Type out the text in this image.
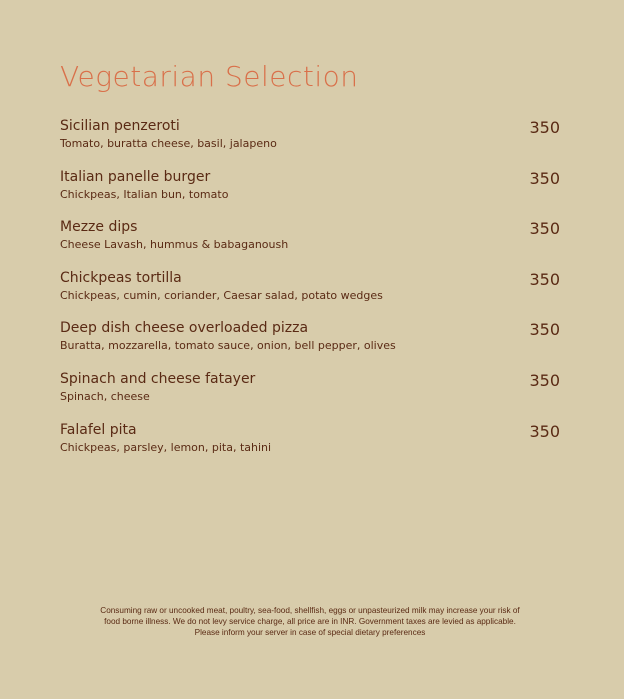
Vegetarian Selection
Sicilian penzeroti
Tomato, buratta cheese, basil, jalapeno
350
Italian panelle burger
Chickpeas, Italian bun, tomato
350
Mezze dips
Cheese Lavash, hummus & babaganoush
350
Chickpeas tortilla
Chickpeas, cumin, coriander, Caesar salad, potato wedges
350
Deep dish cheese overloaded pizza
Buratta, mozzarella, tomato sauce, onion, bell pepper, olives
350
Spinach and cheese fatayer
Spinach, cheese
350
Falafel pita
Chickpeas, parsley, lemon, pita, tahini
350
Consuming raw or uncooked meat, poultry, sea-food, shellfish, eggs or unpasteurized milk may increase your risk of
food borne illness. We do not levy service charge, all price are in INR. Government taxes are levied as applicable.
Please inform your server in case of special dietary preferences
